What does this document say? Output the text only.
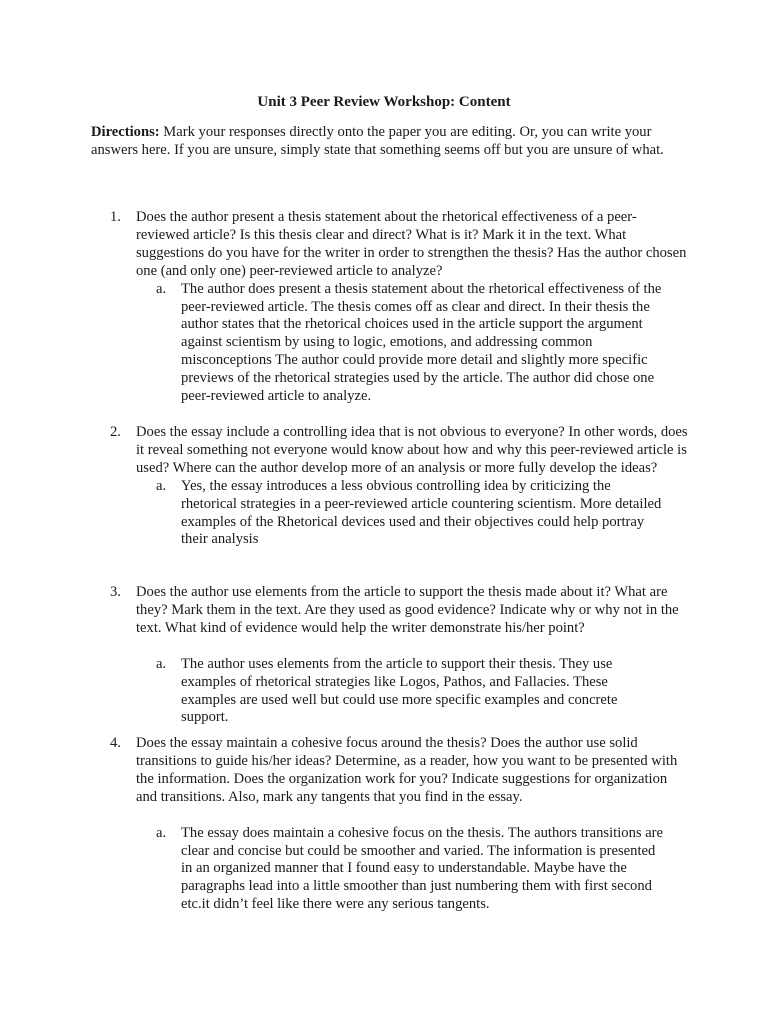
Unit 3 Peer Review Workshop: Content

Directions: Mark your responses directly onto the paper you are editing. Or, you can write your answers here. If you are unsure, simply state that something seems off but you are unsure of what.

1.	Does the author present a thesis statement about the rhetorical effectiveness of a peer-reviewed article? Is this thesis clear and direct? What is it? Mark it in the text. What suggestions do you have for the writer in order to strengthen the thesis? Has the author chosen one (and only one) peer-reviewed article to analyze?

a. The author does present a thesis statement about the rhetorical effectiveness of the peer-reviewed article. The thesis comes off as clear and direct. In their thesis the author states that the rhetorical choices used in the article support the argument against scientism by using to logic, emotions, and addressing common misconceptions The author could provide more detail and slightly more specific previews of the rhetorical strategies used by the article. The author did chose one peer-reviewed article to analyze.

2.	Does the essay include a controlling idea that is not obvious to everyone? In other words, does it reveal something not everyone would know about how and why this peer-reviewed article is used? Where can the author develop more of an analysis or more fully develop the ideas?

a. Yes, the essay introduces a less obvious controlling idea by criticizing the rhetorical strategies in a peer-reviewed article countering scientism. More detailed examples of the Rhetorical devices used and their objectives could help portray their analysis

3.	Does the author use elements from the article to support the thesis made about it? What are they? Mark them in the text. Are they used as good evidence? Indicate why or why not in the text. What kind of evidence would help the writer demonstrate his/her point?

a. The author uses elements from the article to support their thesis. They use examples of rhetorical strategies like Logos, Pathos, and Fallacies. These examples are used well but could use more specific examples and concrete support.

4.	Does the essay maintain a cohesive focus around the thesis? Does the author use solid transitions to guide his/her ideas? Determine, as a reader, how you want to be presented with the information. Does the organization work for you? Indicate suggestions for organization and transitions. Also, mark any tangents that you find in the essay.

a. The essay does maintain a cohesive focus on the thesis. The authors transitions are clear and concise but could be smoother and varied. The information is presented in an organized manner that I found easy to understandable. Maybe have the paragraphs lead into a little smoother than just numbering them with first second etc.it didn’t feel like there were any serious tangents.
